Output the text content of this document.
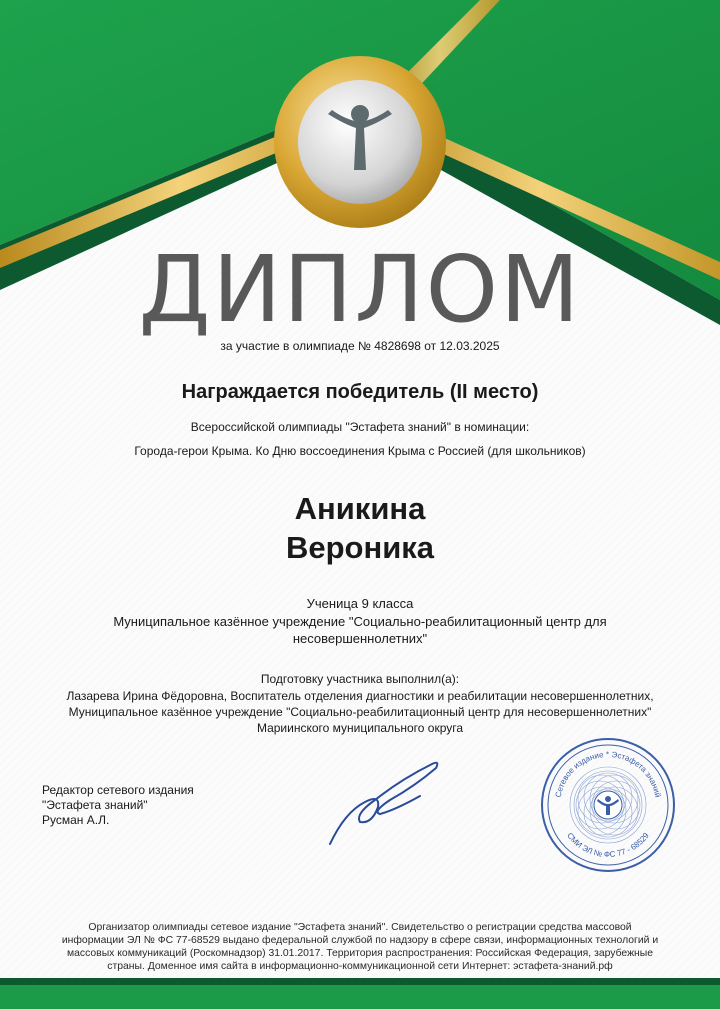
ДИПЛОМ
за участие в олимпиаде № 4828698 от 12.03.2025
Награждается победитель (II место)
Всероссийской олимпиады "Эстафета знаний" в номинации:
Города-герои Крыма. Ко Дню воссоединения Крыма с Россией (для школьников)
Аникина
Вероника
Ученица 9 класса
Муниципальное казённое учреждение "Социально-реабилитационный центр для
несовершеннолетних"
Подготовку участника выполнил(а):
Лазарева Ирина Фёдоровна, Воспитатель отделения диагностики и реабилитации несовершеннолетних,
Муниципальное казённое учреждение "Социально-реабилитационный центр для несовершеннолетних"
Мариинского муниципального округа
Редактор сетевого издания
"Эстафета знаний"
Русман А.Л.
Сетевое издание * Эстафета знаний
СМИ ЭЛ № ФС 77 - 68529
Организатор олимпиады сетевое издание "Эстафета знаний". Свидетельство о регистрации средства массовой
информации ЭЛ № ФС 77-68529 выдано федеральной службой по надзору в сфере связи, информационных технологий и
массовых коммуникаций (Роскомнадзор) 31.01.2017. Территория распространения: Российская Федерация, зарубежные
страны. Доменное имя сайта в информационно-коммуникационной сети Интернет: эстафета-знаний.рф
